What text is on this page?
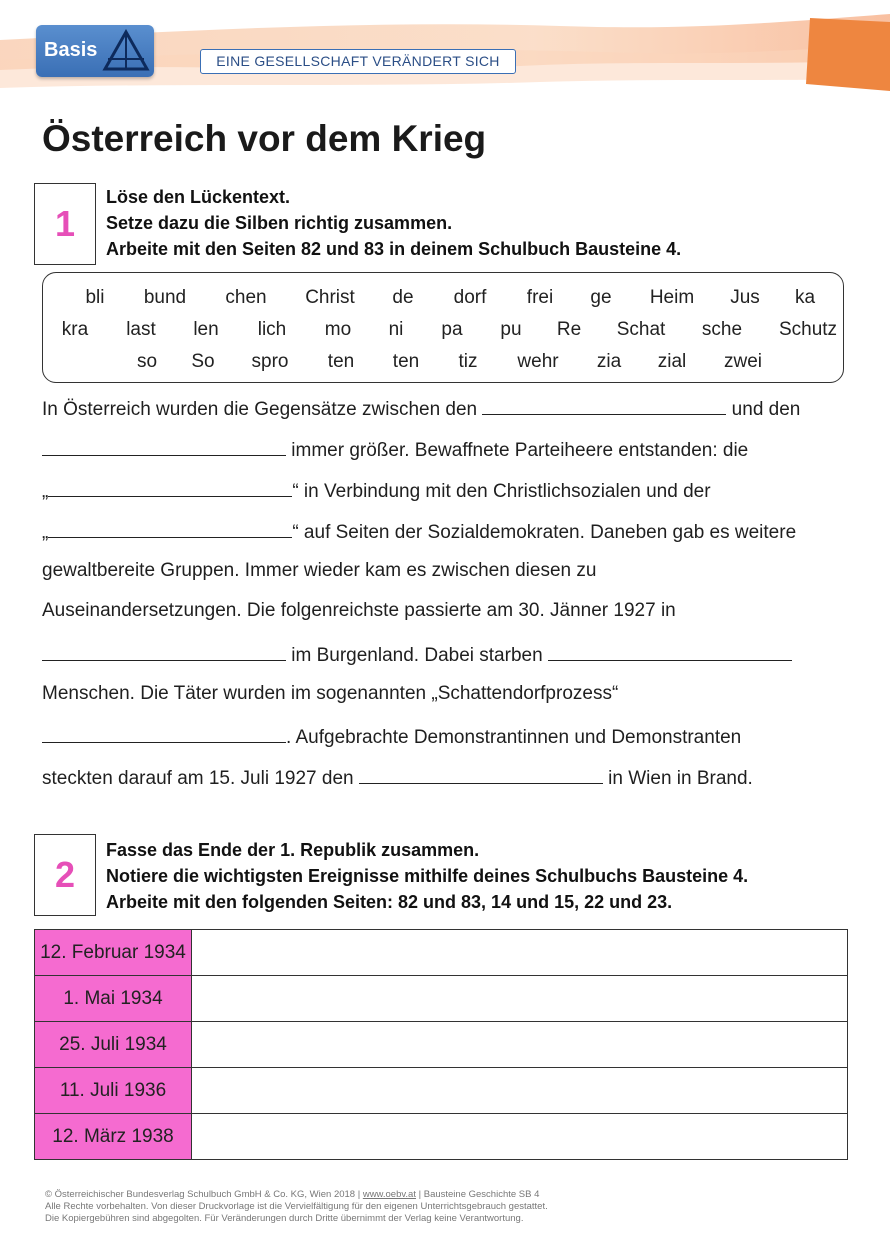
Basis	EINE GESELLSCHAFT VERÄNDERT SICH
Österreich vor dem Krieg
1
Löse den Lückentext.
Setze dazu die Silben richtig zusammen.
Arbeite mit den Seiten 82 und 83 in deinem Schulbuch Bausteine 4.
bli bund chen Christ de dorf frei ge Heim Jus ka
kra last len lich mo ni pa pu Re Schat sche Schutz
so So spro ten ten tiz wehr zia zial zwei
In Österreich wurden die Gegensätze zwischen den	und den
immer größer. Bewaffnete Parteiheere entstanden: die
„	“ in Verbindung mit den Christlichsozialen und der
„	“ auf Seiten der Sozialdemokraten. Daneben gab es weitere
gewaltbereite Gruppen. Immer wieder kam es zwischen diesen zu
Auseinandersetzungen. Die folgenreichste passierte am 30. Jänner 1927 in
im Burgenland. Dabei starben
Menschen. Die Täter wurden im sogenannten „Schattendorfprozess“
. Aufgebrachte Demonstrantinnen und Demonstranten
steckten darauf am 15. Juli 1927 den	in Wien in Brand.
2
Fasse das Ende der 1. Republik zusammen.
Notiere die wichtigsten Ereignisse mithilfe deines Schulbuchs Bausteine 4.
Arbeite mit den folgenden Seiten: 82 und 83, 14 und 15, 22 und 23.
12. Februar 1934	
1. Mai 1934	
25. Juli 1934	
11. Juli 1936	
12. März 1938	
© Österreichischer Bundesverlag Schulbuch GmbH & Co. KG, Wien 2018 | www.oebv.at | Bausteine Geschichte SB 4
Alle Rechte vorbehalten. Von dieser Druckvorlage ist die Vervielfältigung für den eigenen Unterrichtsgebrauch gestattet.
Die Kopiergebühren sind abgegolten. Für Veränderungen durch Dritte übernimmt der Verlag keine Verantwortung.
